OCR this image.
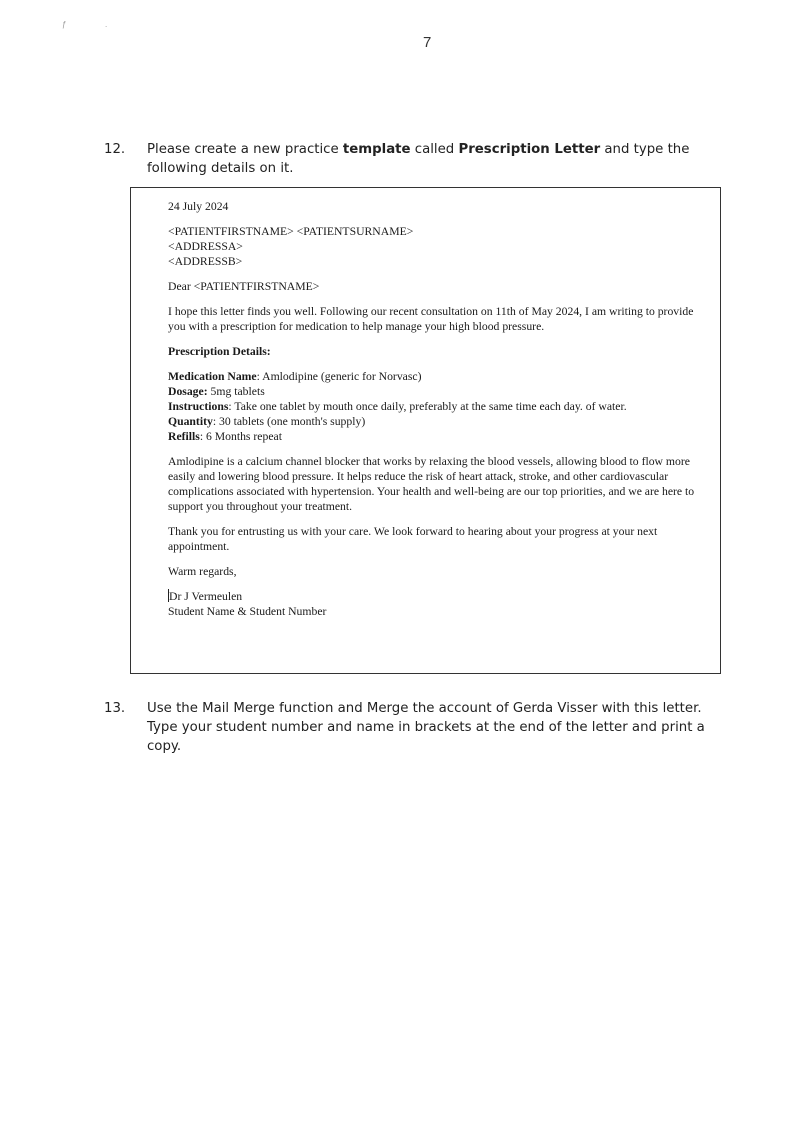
ƒ	.
7
12. Please create a new practice template called Prescription Letter and type the following details on it.

24 July 2024

<PATIENTFIRSTNAME> <PATIENTSURNAME>

<ADDRESSA>

<ADDRESSB>

Dear <PATIENTFIRSTNAME>

I hope this letter finds you well. Following our recent consultation on 11th of May 2024, I am writing to provide you with a prescription for medication to help manage your high blood pressure.

Prescription Details:

Medication Name: Amlodipine (generic for Norvasc)

Dosage: 5mg tablets

Instructions: Take one tablet by mouth once daily, preferably at the same time each day. of water.

Quantity: 30 tablets (one month's supply)

Refills: 6 Months repeat

Amlodipine is a calcium channel blocker that works by relaxing the blood vessels, allowing blood to flow more easily and lowering blood pressure. It helps reduce the risk of heart attack, stroke, and other cardiovascular complications associated with hypertension. Your health and well-being are our top priorities, and we are here to support you throughout your treatment.

Thank you for entrusting us with your care. We look forward to hearing about your progress at your next appointment.

Warm regards,

Dr J Vermeulen

Student Name & Student Number

13. Use the Mail Merge function and Merge the account of Gerda Visser with this letter.
Type your student number and name in brackets at the end of the letter and print a copy.
